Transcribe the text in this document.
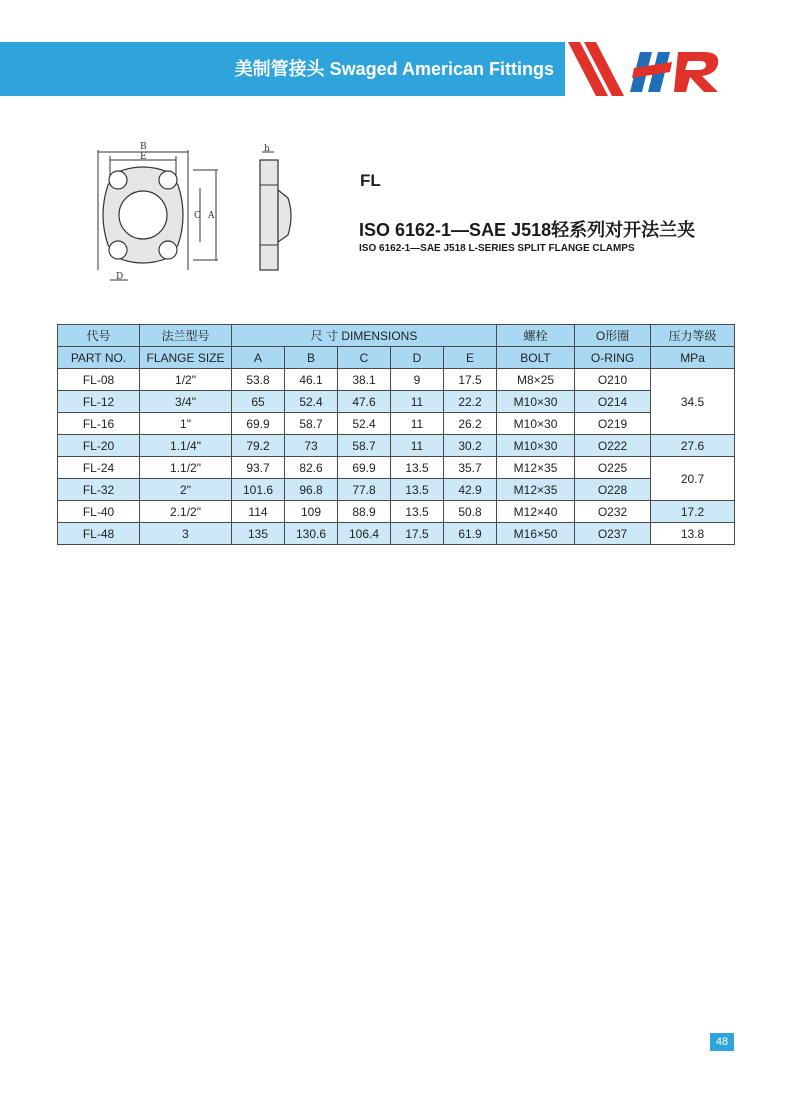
美制管接头 Swaged American Fittings
B
E
C A
D
h
FL
ISO 6162-1—SAE J518轻系列对开法兰夹
ISO 6162-1—SAE J518 L-SERIES SPLIT FLANGE CLAMPS
代号	法兰型号	尺 寸 DIMENSIONS					螺栓	O形圈	压力等级
PART NO.	FLANGE SIZE	A	B	C	D	E	BOLT	O-RING	MPa
FL-08	1/2"	53.8	46.1	38.1	9	17.5	M8×25	O210	34.5
FL-12	3/4"	65	52.4	47.6	11	22.2	M10×30	O214	
FL-16	1"	69.9	58.7	52.4	11	26.2	M10×30	O219	
FL-20	1.1/4"	79.2	73	58.7	11	30.2	M10×30	O222	27.6
FL-24	1.1/2"	93.7	82.6	69.9	13.5	35.7	M12×35	O225	20.7
FL-32	2"	101.6	96.8	77.8	13.5	42.9	M12×35	O228	
FL-40	2.1/2"	114	109	88.9	13.5	50.8	M12×40	O232	17.2
FL-48	3	135	130.6	106.4	17.5	61.9	M16×50	O237	13.8
48
